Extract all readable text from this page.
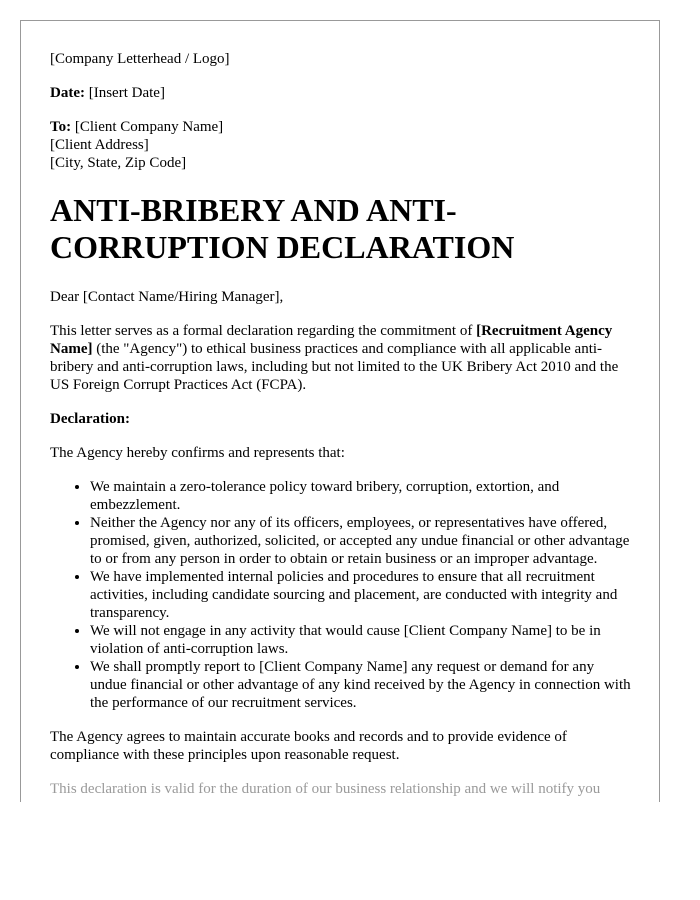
[Company Letterhead / Logo]

Date: [Insert Date]

To: [Client Company Name]
[Client Address]
[City, State, Zip Code]
ANTI-BRIBERY AND ANTI-CORRUPTION DECLARATION

Dear [Contact Name/Hiring Manager],

This letter serves as a formal declaration regarding the commitment of [Recruitment Agency Name] (the "Agency") to ethical business practices and compliance with all applicable anti-bribery and anti-corruption laws, including but not limited to the UK Bribery Act 2010 and the US Foreign Corrupt Practices Act (FCPA).

Declaration:

The Agency hereby confirms and represents that:

• We maintain a zero-tolerance policy toward bribery, corruption, extortion, and embezzlement.
• Neither the Agency nor any of its officers, employees, or representatives have offered, promised, given, authorized, solicited, or accepted any undue financial or other advantage to or from any person in order to obtain or retain business or an improper advantage.
• We have implemented internal policies and procedures to ensure that all recruitment activities, including candidate sourcing and placement, are conducted with integrity and transparency.
• We will not engage in any activity that would cause [Client Company Name] to be in violation of anti-corruption laws.
• We shall promptly report to [Client Company Name] any request or demand for any undue financial or other advantage of any kind received by the Agency in connection with the performance of our recruitment services.

The Agency agrees to maintain accurate books and records and to provide evidence of compliance with these principles upon reasonable request.

This declaration is valid for the duration of our business relationship and we will notify you
